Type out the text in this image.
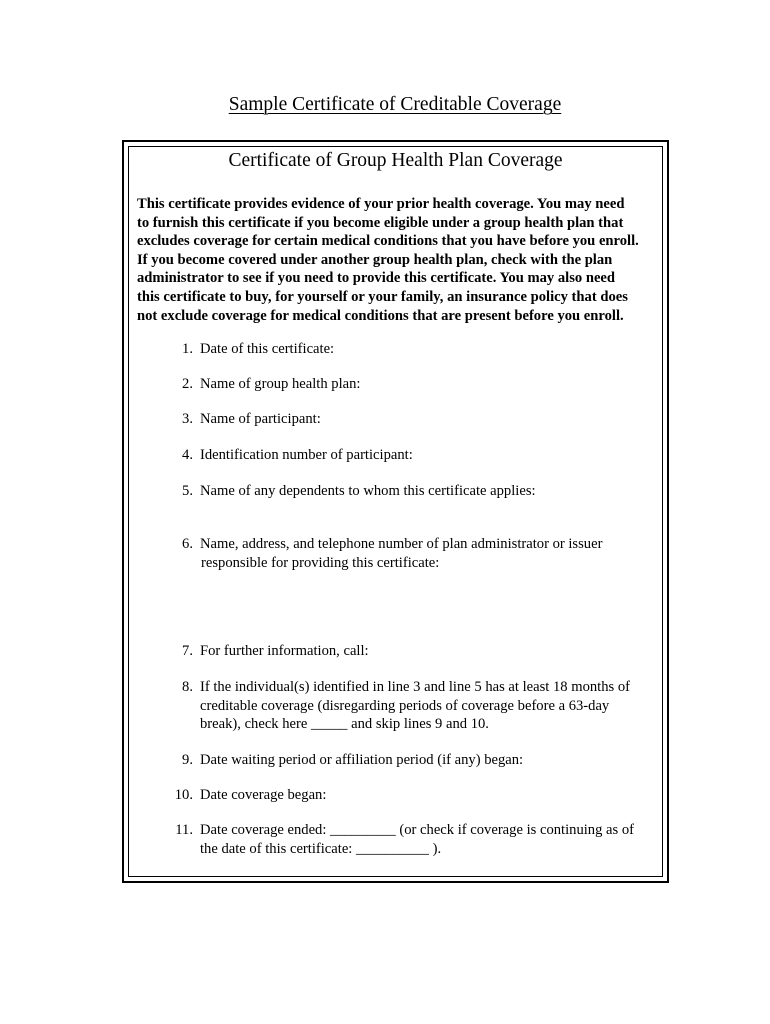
Sample Certificate of Creditable Coverage
Certificate of Group Health Plan Coverage
This certificate provides evidence of your prior health coverage. You may need
to furnish this certificate if you become eligible under a group health plan that
excludes coverage for certain medical conditions that you have before you enroll.
If you become covered under another group health plan, check with the plan
administrator to see if you need to provide this certificate. You may also need
this certificate to buy, for yourself or your family, an insurance policy that does
not exclude coverage for medical conditions that are present before you enroll.
1. Date of this certificate:
2. Name of group health plan:
3. Name of participant:
4. Identification number of participant:
5. Name of any dependents to whom this certificate applies:
6. Name, address, and telephone number of plan administrator or issuer
responsible for providing this certificate:
7. For further information, call:
8. If the individual(s) identified in line 3 and line 5 has at least 18 months of
creditable coverage (disregarding periods of coverage before a 63-day
break), check here _____ and skip lines 9 and 10.
9. Date waiting period or affiliation period (if any) began:
10. Date coverage began:
11. Date coverage ended: _________ (or check if coverage is continuing as of
the date of this certificate: __________ ).
